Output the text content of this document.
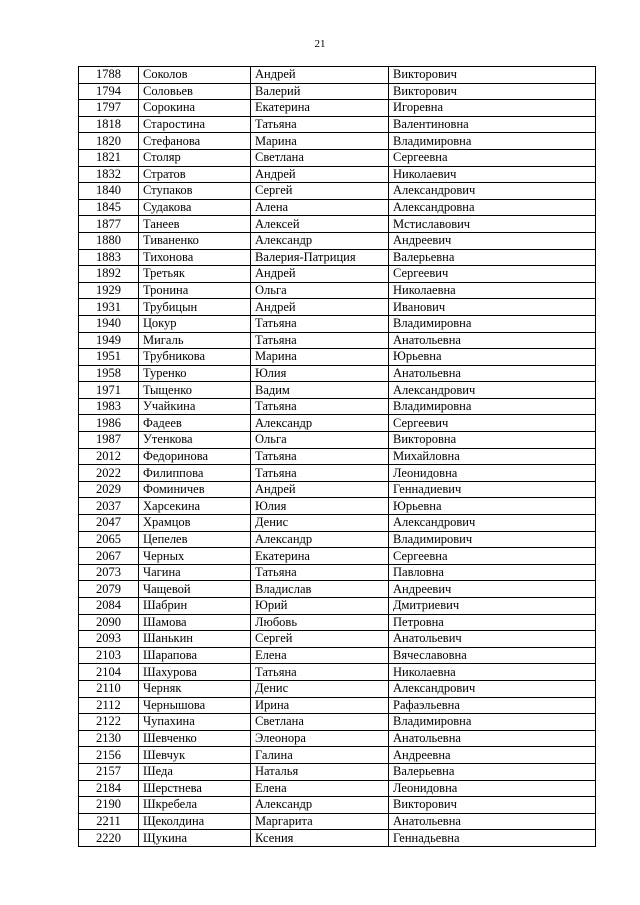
21
1788	Соколов	Андрей	Викторович
1794	Соловьев	Валерий	Викторович
1797	Сорокина	Екатерина	Игоревна
1818	Старостина	Татьяна	Валентиновна
1820	Стефанова	Марина	Владимировна
1821	Столяр	Светлана	Сергеевна
1832	Стратов	Андрей	Николаевич
1840	Ступаков	Сергей	Александрович
1845	Судакова	Алена	Александровна
1877	Танеев	Алексей	Мстиславович
1880	Тиваненко	Александр	Андреевич
1883	Тихонова	Валерия-Патриция	Валерьевна
1892	Третьяк	Андрей	Сергеевич
1929	Тронина	Ольга	Николаевна
1931	Трубицын	Андрей	Иванович
1940	Цокур	Татьяна	Владимировна
1949	Мигаль	Татьяна	Анатольевна
1951	Трубникова	Марина	Юрьевна
1958	Туренко	Юлия	Анатольевна
1971	Тыщенко	Вадим	Александрович
1983	Учайкина	Татьяна	Владимировна
1986	Фадеев	Александр	Сергеевич
1987	Утенкова	Ольга	Викторовна
2012	Федоринова	Татьяна	Михайловна
2022	Филиппова	Татьяна	Леонидовна
2029	Фоминичев	Андрей	Геннадиевич
2037	Харсекина	Юлия	Юрьевна
2047	Храмцов	Денис	Александрович
2065	Цепелев	Александр	Владимирович
2067	Черных	Екатерина	Сергеевна
2073	Чагина	Татьяна	Павловна
2079	Чащевой	Владислав	Андреевич
2084	Шабрин	Юрий	Дмитриевич
2090	Шамова	Любовь	Петровна
2093	Шанькин	Сергей	Анатольевич
2103	Шарапова	Елена	Вячеславовна
2104	Шахурова	Татьяна	Николаевна
2110	Черняк	Денис	Александрович
2112	Чернышова	Ирина	Рафаэльевна
2122	Чупахина	Светлана	Владимировна
2130	Шевченко	Элеонора	Анатольевна
2156	Шевчук	Галина	Андреевна
2157	Шеда	Наталья	Валерьевна
2184	Шерстнева	Елена	Леонидовна
2190	Шкребела	Александр	Викторович
2211	Щеколдина	Маргарита	Анатольевна
2220	Щукина	Ксения	Геннадьевна
